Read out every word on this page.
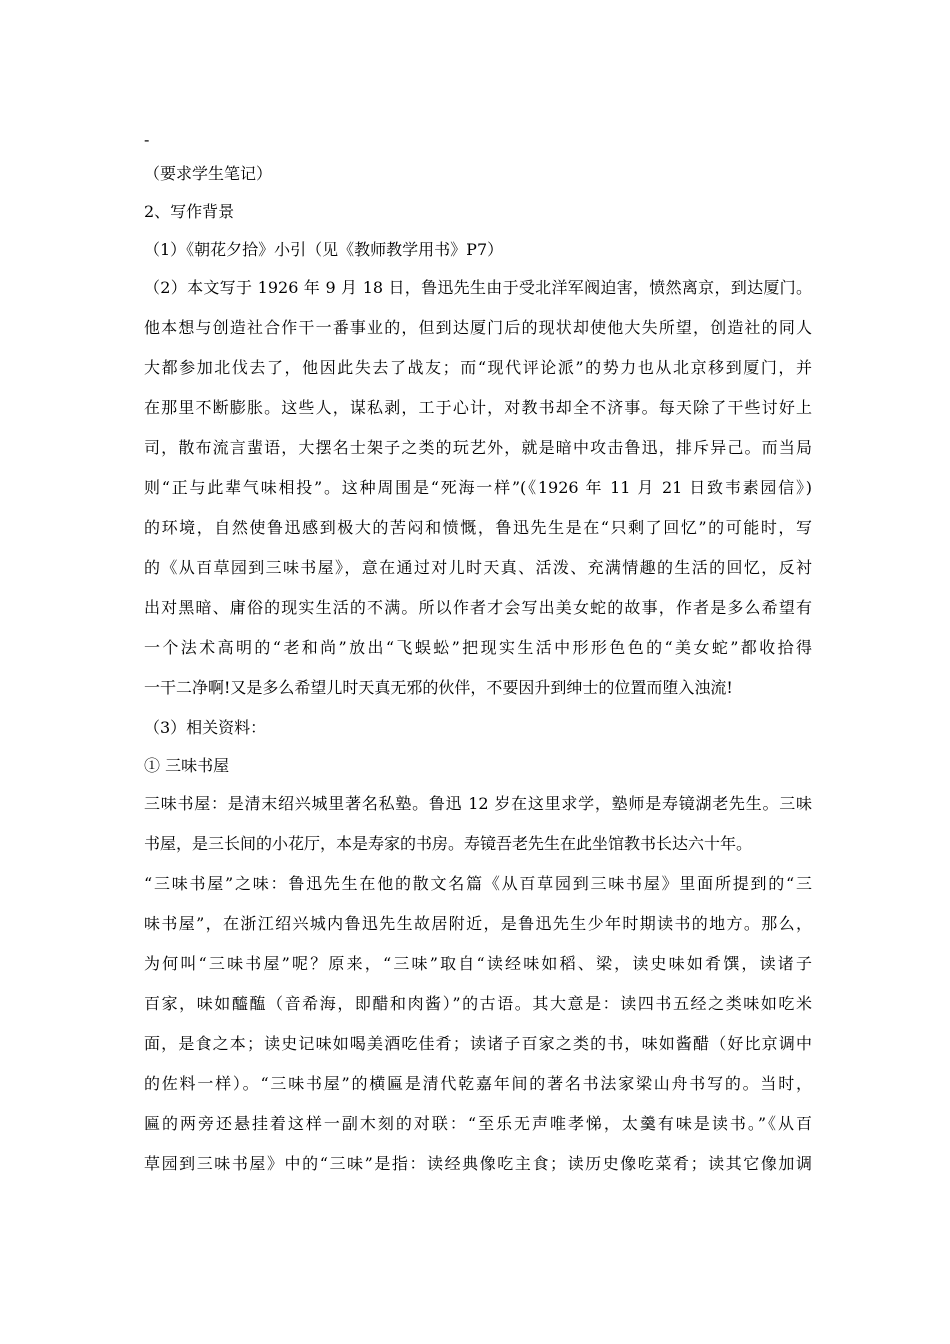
-
（要求学生笔记）
2、写作背景
（1）《朝花夕拾》小引（见《教师教学用书》P7）
（2）本文写于 1926 年 9 月 18 日，鲁迅先生由于受北洋军阀迫害，愤然离京，到达厦门。
他本想与创造社合作干一番事业的，但到达厦门后的现状却使他大失所望，创造社的同人
大都参加北伐去了，他因此失去了战友；而“现代评论派”的势力也从北京移到厦门，并
在那里不断膨胀。这些人，谋私剥，工于心计，对教书却全不济事。每天除了干些讨好上
司，散布流言蜚语，大摆名士架子之类的玩艺外，就是暗中攻击鲁迅，排斥异己。而当局
则“正与此辈气味相投”。这种周围是“死海一样”(《1926 年 11 月 21 日致韦素园信》)
的环境，自然使鲁迅感到极大的苦闷和愤慨，鲁迅先生是在“只剩了回忆”的可能时，写
的《从百草园到三味书屋》，意在通过对儿时天真、活泼、充满情趣的生活的回忆，反衬
出对黑暗、庸俗的现实生活的不满。所以作者才会写出美女蛇的故事，作者是多么希望有
一个法术高明的“老和尚”放出“飞蜈蚣”把现实生活中形形色色的“美女蛇”都收拾得
一干二净啊!又是多么希望儿时天真无邪的伙伴，不要因升到绅士的位置而堕入浊流!
（3）相关资料：
① 三味书屋
三味书屋：是清末绍兴城里著名私塾。鲁迅 12 岁在这里求学，塾师是寿镜湖老先生。三味
书屋，是三长间的小花厅，本是寿家的书房。寿镜吾老先生在此坐馆教书长达六十年。
“三味书屋”之味：鲁迅先生在他的散文名篇《从百草园到三味书屋》里面所提到的“三
味书屋”，在浙江绍兴城内鲁迅先生故居附近，是鲁迅先生少年时期读书的地方。那么，
为何叫“三味书屋”呢？原来，“三味”取自“读经味如稻、梁，读史味如肴馔，读诸子
百家，味如醯醢（音希海，即醋和肉酱）”的古语。其大意是：读四书五经之类味如吃米
面，是食之本；读史记味如喝美酒吃佳肴；读诸子百家之类的书，味如酱醋（好比京调中
的佐料一样）。“三味书屋”的横匾是清代乾嘉年间的著名书法家梁山舟书写的。当时，
匾的两旁还悬挂着这样一副木刻的对联：“至乐无声唯孝悌，太羹有味是读书。”《从百
草园到三味书屋》中的“三味”是指：读经典像吃主食；读历史像吃菜肴；读其它像加调
